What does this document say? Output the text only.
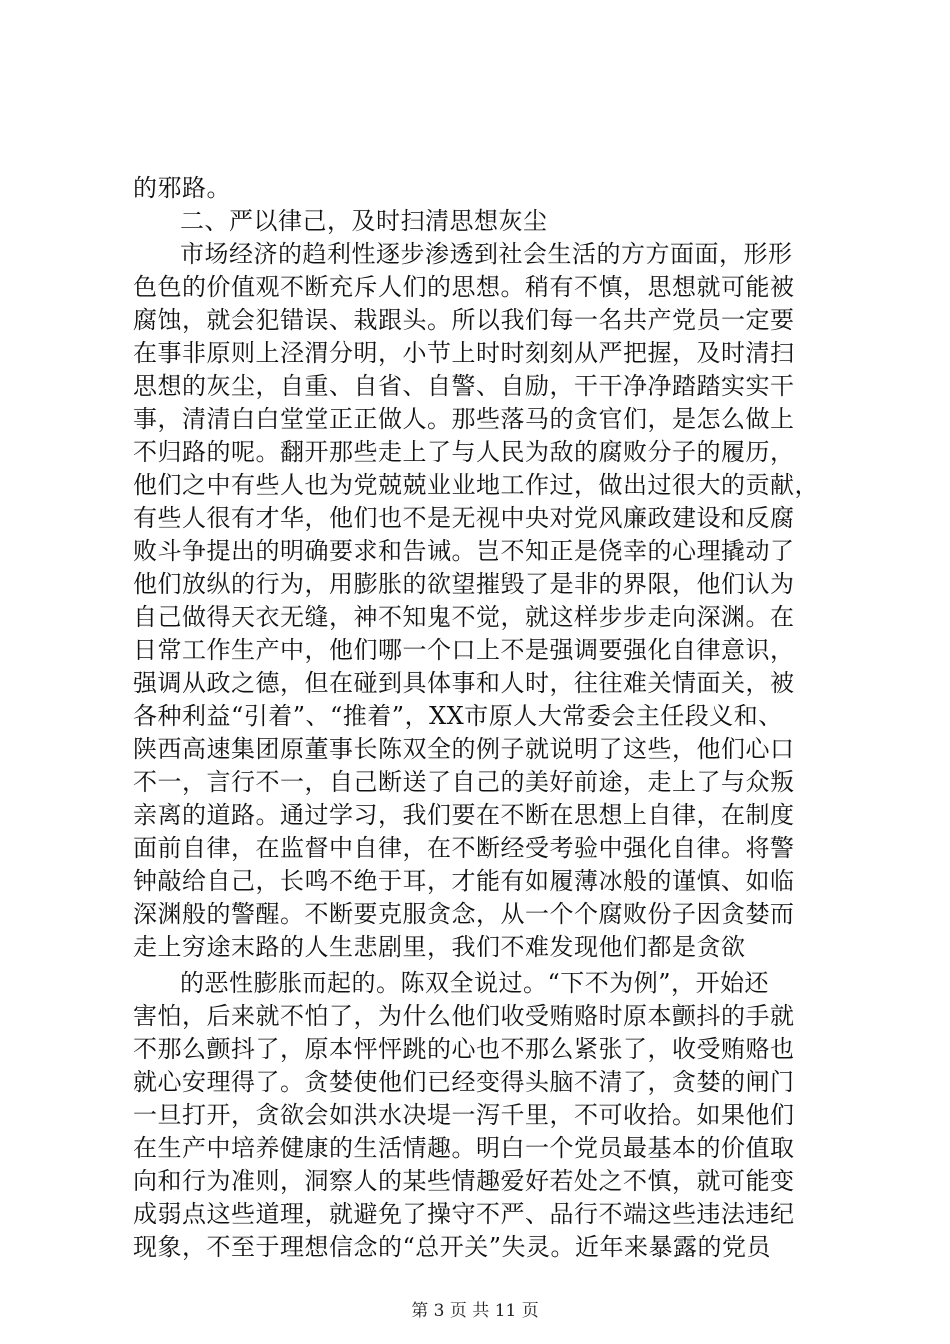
的邪路。
二、严以律己，及时扫清思想灰尘
市场经济的趋利性逐步渗透到社会生活的方方面面，形形
色色的价值观不断充斥人们的思想。稍有不慎，思想就可能被
腐蚀，就会犯错误、栽跟头。所以我们每一名共产党员一定要
在事非原则上泾渭分明，小节上时时刻刻从严把握，及时清扫
思想的灰尘，自重、自省、自警、自励，干干净净踏踏实实干
事，清清白白堂堂正正做人。那些落马的贪官们，是怎么做上
不归路的呢。翻开那些走上了与人民为敌的腐败分子的履历，
他们之中有些人也为党兢兢业业地工作过，做出过很大的贡献，
有些人很有才华，他们也不是无视中央对党风廉政建设和反腐
败斗争提出的明确要求和告诫。岂不知正是侥幸的心理撬动了
他们放纵的行为，用膨胀的欲望摧毁了是非的界限，他们认为
自己做得天衣无缝，神不知鬼不觉，就这样步步走向深渊。在
日常工作生产中，他们哪一个口上不是强调要强化自律意识，
强调从政之德，但在碰到具体事和人时，往往难关情面关，被
各种利益“引着”、“推着”，XX市原人大常委会主任段义和、
陕西高速集团原董事长陈双全的例子就说明了这些，他们心口
不一，言行不一，自己断送了自己的美好前途，走上了与众叛
亲离的道路。通过学习，我们要在不断在思想上自律，在制度
面前自律，在监督中自律，在不断经受考验中强化自律。将警
钟敲给自己，长鸣不绝于耳，才能有如履薄冰般的谨慎、如临
深渊般的警醒。不断要克服贪念，从一个个腐败份子因贪婪而
走上穷途末路的人生悲剧里，我们不难发现他们都是贪欲
的恶性膨胀而起的。陈双全说过。“下不为例”，开始还
害怕，后来就不怕了，为什么他们收受贿赂时原本颤抖的手就
不那么颤抖了，原本怦怦跳的心也不那么紧张了，收受贿赂也
就心安理得了。贪婪使他们已经变得头脑不清了，贪婪的闸门
一旦打开，贪欲会如洪水决堤一泻千里，不可收拾。如果他们
在生产中培养健康的生活情趣。明白一个党员最基本的价值取
向和行为准则，洞察人的某些情趣爱好若处之不慎，就可能变
成弱点这些道理，就避免了操守不严、品行不端这些违法违纪
现象，不至于理想信念的“总开关”失灵。近年来暴露的党员
第 3 页 共 11 页
